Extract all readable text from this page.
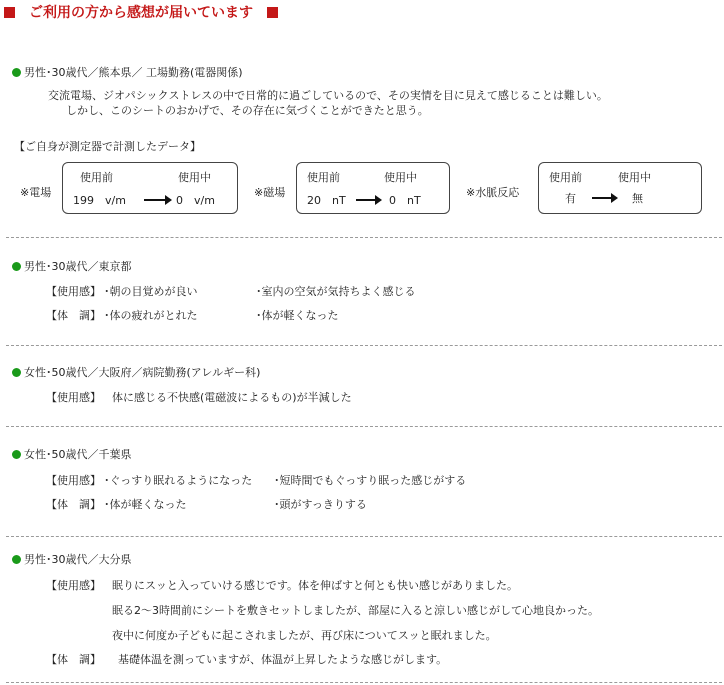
ご利用の方から感想が届いています
男性･30歳代／熊本県／ 工場勤務(電器関係)
交流電場、ジオパシックストレスの中で日常的に過ごしているので、その実情を目に見えて感じることは難しい。
しかし、このシートのおかげで、その存在に気づくことができたと思う。
【ご自身が測定器で計測したデータ】
※電場
使用前	使用中
199　v/m	0　v/m
※磁場
使用前	使用中
20　nT	0　nT
※水脈反応
使用前	使用中
有	無
男性･30歳代／東京都
【使用感】 ･朝の目覚めが良い	･室内の空気が気持ちよく感じる
【体　調】 ･体の疲れがとれた	･体が軽くなった
女性･50歳代／大阪府／病院勤務(アレルギー科)
【使用感】 体に感じる不快感(電磁波によるもの)が半減した
女性･50歳代／千葉県
【使用感】 ･ぐっすり眠れるようになった ･短時間でもぐっすり眠った感じがする
【体　調】 ･体が軽くなった	･頭がすっきりする
男性･30歳代／大分県
【使用感】 眠りにスッと入っていける感じです。体を伸ばすと何とも快い感じがありました。
眠る2～3時間前にシートを敷きセットしましたが、部屋に入ると涼しい感じがして心地良かった。
夜中に何度か子どもに起こされましたが、再び床についてスッと眠れました。
【体　調】 基礎体温を測っていますが、体温が上昇したような感じがします。
